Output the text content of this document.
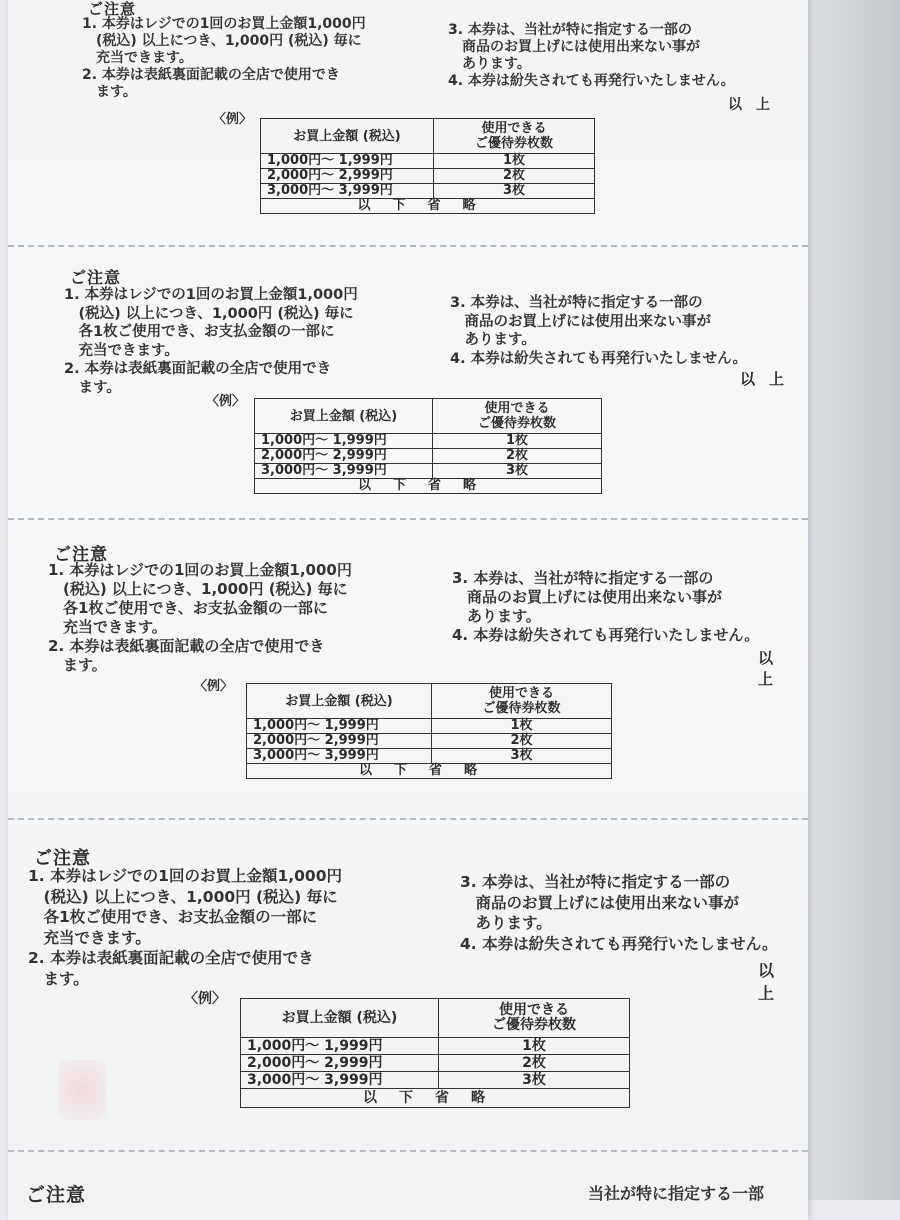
ご注意
1. 本券はレジでの1回のお買上金額1,000円
　(税込) 以上につき、1,000円 (税込) 毎に
　充当できます。
2. 本券は表紙裏面記載の全店で使用でき
　ます。
3. 本券は、当社が特に指定する一部の
　商品のお買上げには使用出来ない事が
　あります。
4. 本券は紛失されても再発行いたしません。
以上
〈例〉
お買上金額 (税込)	使用できる
ご優待券枚数
1,000円〜 1,999円	1枚
2,000円〜 2,999円	2枚
3,000円〜 3,999円	3枚
以下省略	
ご注意
1. 本券はレジでの1回のお買上金額1,000円
　(税込) 以上につき、1,000円 (税込) 毎に
　各1枚ご使用でき、お支払金額の一部に
　充当できます。
2. 本券は表紙裏面記載の全店で使用でき
　ます。
3. 本券は、当社が特に指定する一部の
　商品のお買上げには使用出来ない事が
　あります。
4. 本券は紛失されても再発行いたしません。
以上
〈例〉
お買上金額 (税込)	使用できる
ご優待券枚数
1,000円〜 1,999円	1枚
2,000円〜 2,999円	2枚
3,000円〜 3,999円	3枚
以下省略	
ご注意
1. 本券はレジでの1回のお買上金額1,000円
　(税込) 以上につき、1,000円 (税込) 毎に
　各1枚ご使用でき、お支払金額の一部に
　充当できます。
2. 本券は表紙裏面記載の全店で使用でき
　ます。
3. 本券は、当社が特に指定する一部の
　商品のお買上げには使用出来ない事が
　あります。
4. 本券は紛失されても再発行いたしません。
以上
〈例〉
お買上金額 (税込)	使用できる
ご優待券枚数
1,000円〜 1,999円	1枚
2,000円〜 2,999円	2枚
3,000円〜 3,999円	3枚
以下省略	
ご注意
1. 本券はレジでの1回のお買上金額1,000円
　(税込) 以上につき、1,000円 (税込) 毎に
　各1枚ご使用でき、お支払金額の一部に
　充当できます。
2. 本券は表紙裏面記載の全店で使用でき
　ます。
3. 本券は、当社が特に指定する一部の
　商品のお買上げには使用出来ない事が
　あります。
4. 本券は紛失されても再発行いたしません。
以上
〈例〉
お買上金額 (税込)	使用できる
ご優待券枚数
1,000円〜 1,999円	1枚
2,000円〜 2,999円	2枚
3,000円〜 3,999円	3枚
以下省略	
ご注意	当社が特に指定する一部
